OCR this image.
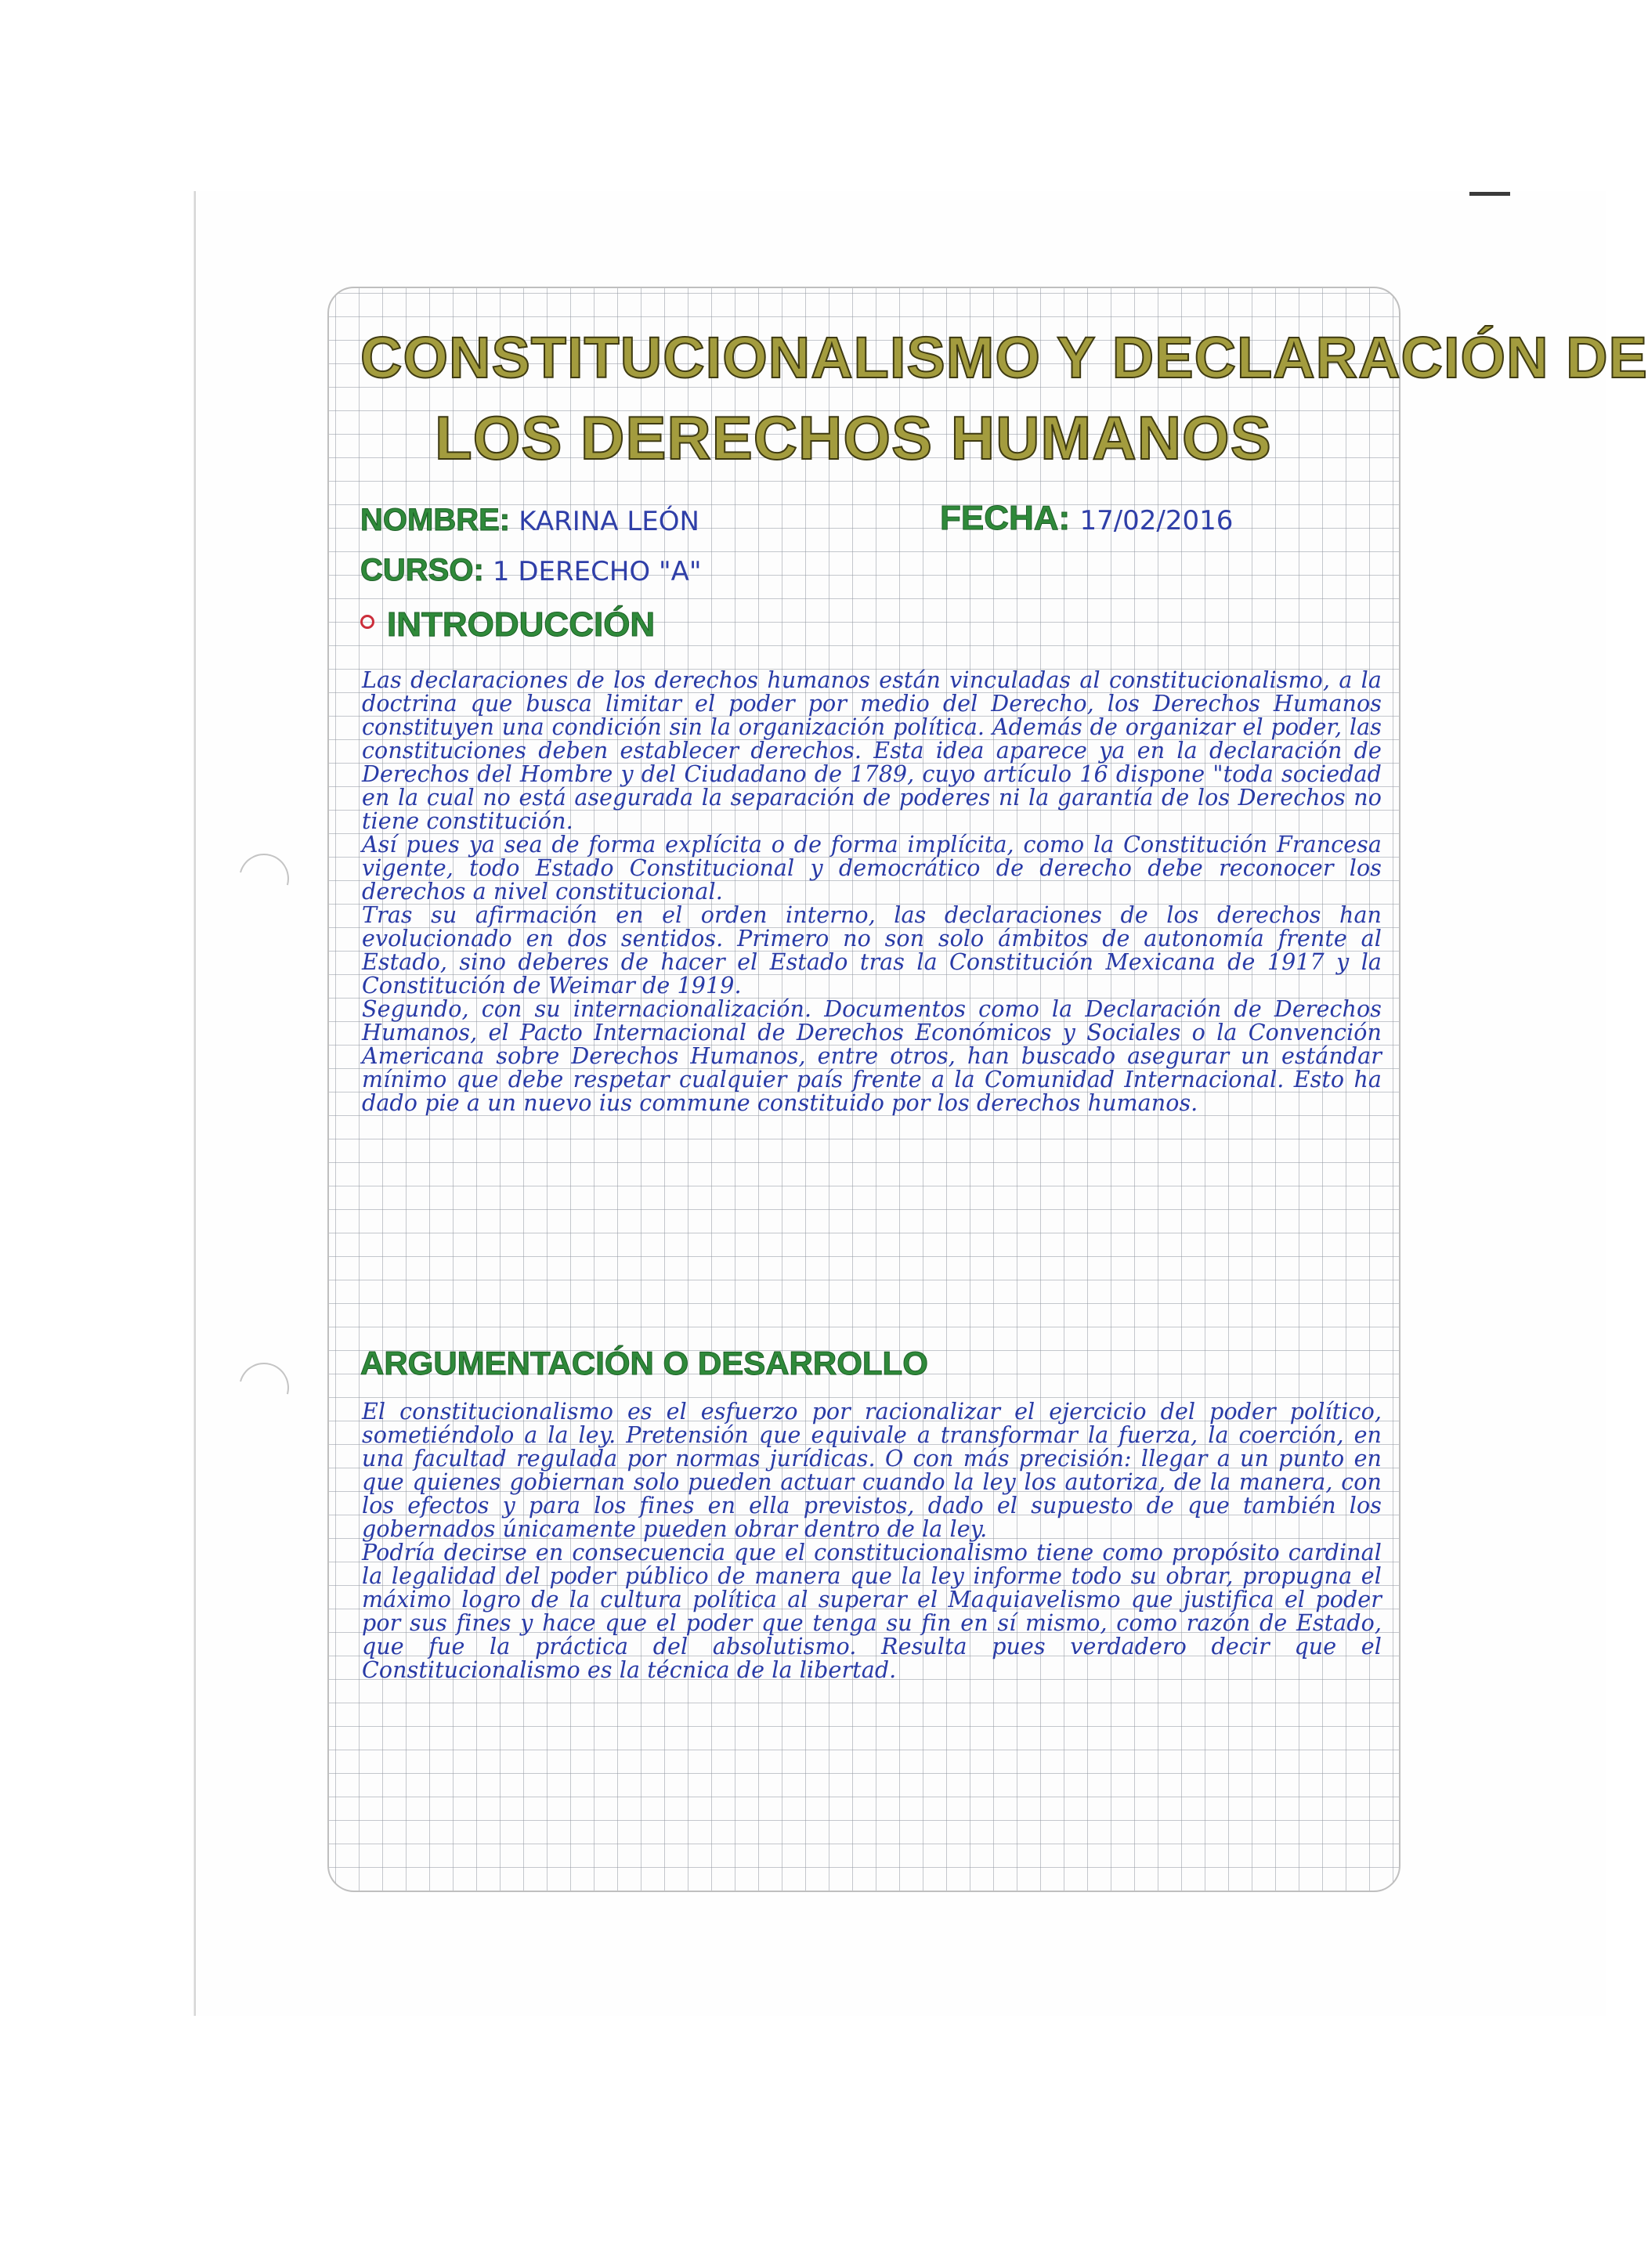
CONSTITUCIONALISMO Y DECLARACIÓN DE
LOS DERECHOS HUMANOS
NOMBRE: KARINA LEÓN	FECHA: 17/02/2016
CURSO: 1 DERECHO "A"
INTRODUCCIÓN

Las declaraciones de los derechos humanos están vinculadas al constitucionalismo, a la doctrina que busca limitar el poder por medio del Derecho, los Derechos Humanos constituyen una condición sin la organización política. Además de organizar el poder, las constituciones deben establecer derechos. Esta idea aparece ya en la declaración de Derechos del Hombre y del Ciudadano de 1789, cuyo artículo 16 dispone "toda sociedad en la cual no está asegurada la separación de poderes ni la garantía de los Derechos no tiene constitución.

Así pues ya sea de forma explícita o de forma implícita, como la Constitución Francesa vigente, todo Estado Constitucional y democrático de derecho debe reconocer los derechos a nivel constitucional.

Tras su afirmación en el orden interno, las declaraciones de los derechos han evolucionado en dos sentidos. Primero no son solo ámbitos de autonomía frente al Estado, sino deberes de hacer el Estado tras la Constitución Mexicana de 1917 y la Constitución de Weimar de 1919.

Segundo, con su internacionalización. Documentos como la Declaración de Derechos Humanos, el Pacto Internacional de Derechos Económicos y Sociales o la Convención Americana sobre Derechos Humanos, entre otros, han buscado asegurar un estándar mínimo que debe respetar cualquier país frente a la Comunidad Internacional. Esto ha dado pie a un nuevo ius commune constituido por los derechos humanos.

ARGUMENTACIÓN O DESARROLLO

El constitucionalismo es el esfuerzo por racionalizar el ejercicio del poder político, sometiéndolo a la ley. Pretensión que equivale a transformar la fuerza, la coerción, en una facultad regulada por normas jurídicas. O con más precisión: llegar a un punto en que quienes gobiernan solo pueden actuar cuando la ley los autoriza, de la manera, con los efectos y para los fines en ella previstos, dado el supuesto de que también los gobernados únicamente pueden obrar dentro de la ley.

Podría decirse en consecuencia que el constitucionalismo tiene como propósito cardinal la legalidad del poder público de manera que la ley informe todo su obrar, propugna el máximo logro de la cultura política al superar el Maquiavelismo que justifica el poder por sus fines y hace que el poder que tenga su fin en sí mismo, como razón de Estado, que fue la práctica del absolutismo. Resulta pues verdadero decir que el Constitucionalismo es la técnica de la libertad.
